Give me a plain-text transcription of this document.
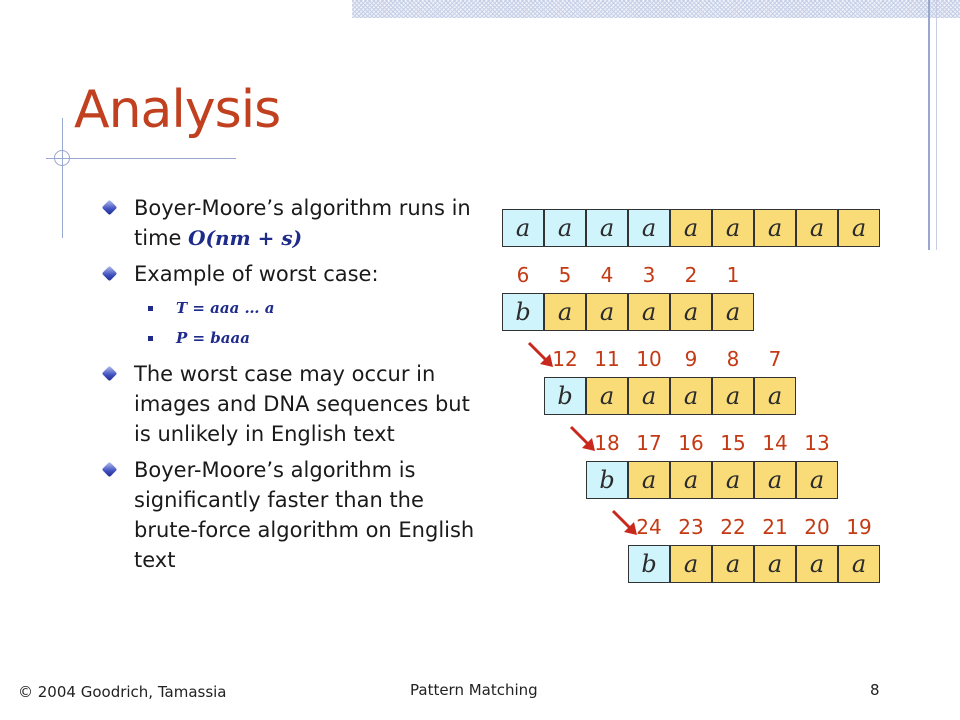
Analysis
Boyer-Moore’s algorithm runs in time O(nm + s)
Example of worst case:
T = aaa … a
P = baaa
The worst case may occur in images and DNA sequences but is unlikely in English text
Boyer-Moore’s algorithm is significantly faster than the brute-force algorithm on English text
a	a	a	a	a	a	a	a	a
b	a	a	a	a	a
6	5	4	3	2	1
b	a	a	a	a	a
12 11 10	9	8	7
b	a	a	a	a	a
18 17 16 15 14 13
b	a	a	a	a	a
24 23 22 21 20 19
© 2004 Goodrich, Tamassia	Pattern Matching	8
